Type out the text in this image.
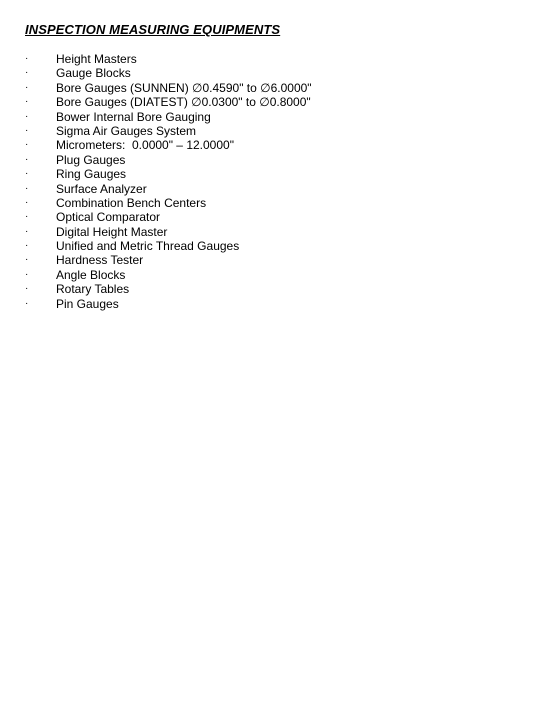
INSPECTION MEASURING EQUIPMENTS
·	Height Masters
·	Gauge Blocks
·	Bore Gauges (SUNNEN) ∅0.4590" to ∅6.0000"
·	Bore Gauges (DIATEST) ∅0.0300" to ∅0.8000"
·	Bower Internal Bore Gauging
·	Sigma Air Gauges System
·	Micrometers:  0.0000" – 12.0000"
·	Plug Gauges
·	Ring Gauges
·	Surface Analyzer
·	Combination Bench Centers
·	Optical Comparator
·	Digital Height Master
·	Unified and Metric Thread Gauges
·	Hardness Tester
·	Angle Blocks
·	Rotary Tables
·	Pin Gauges
